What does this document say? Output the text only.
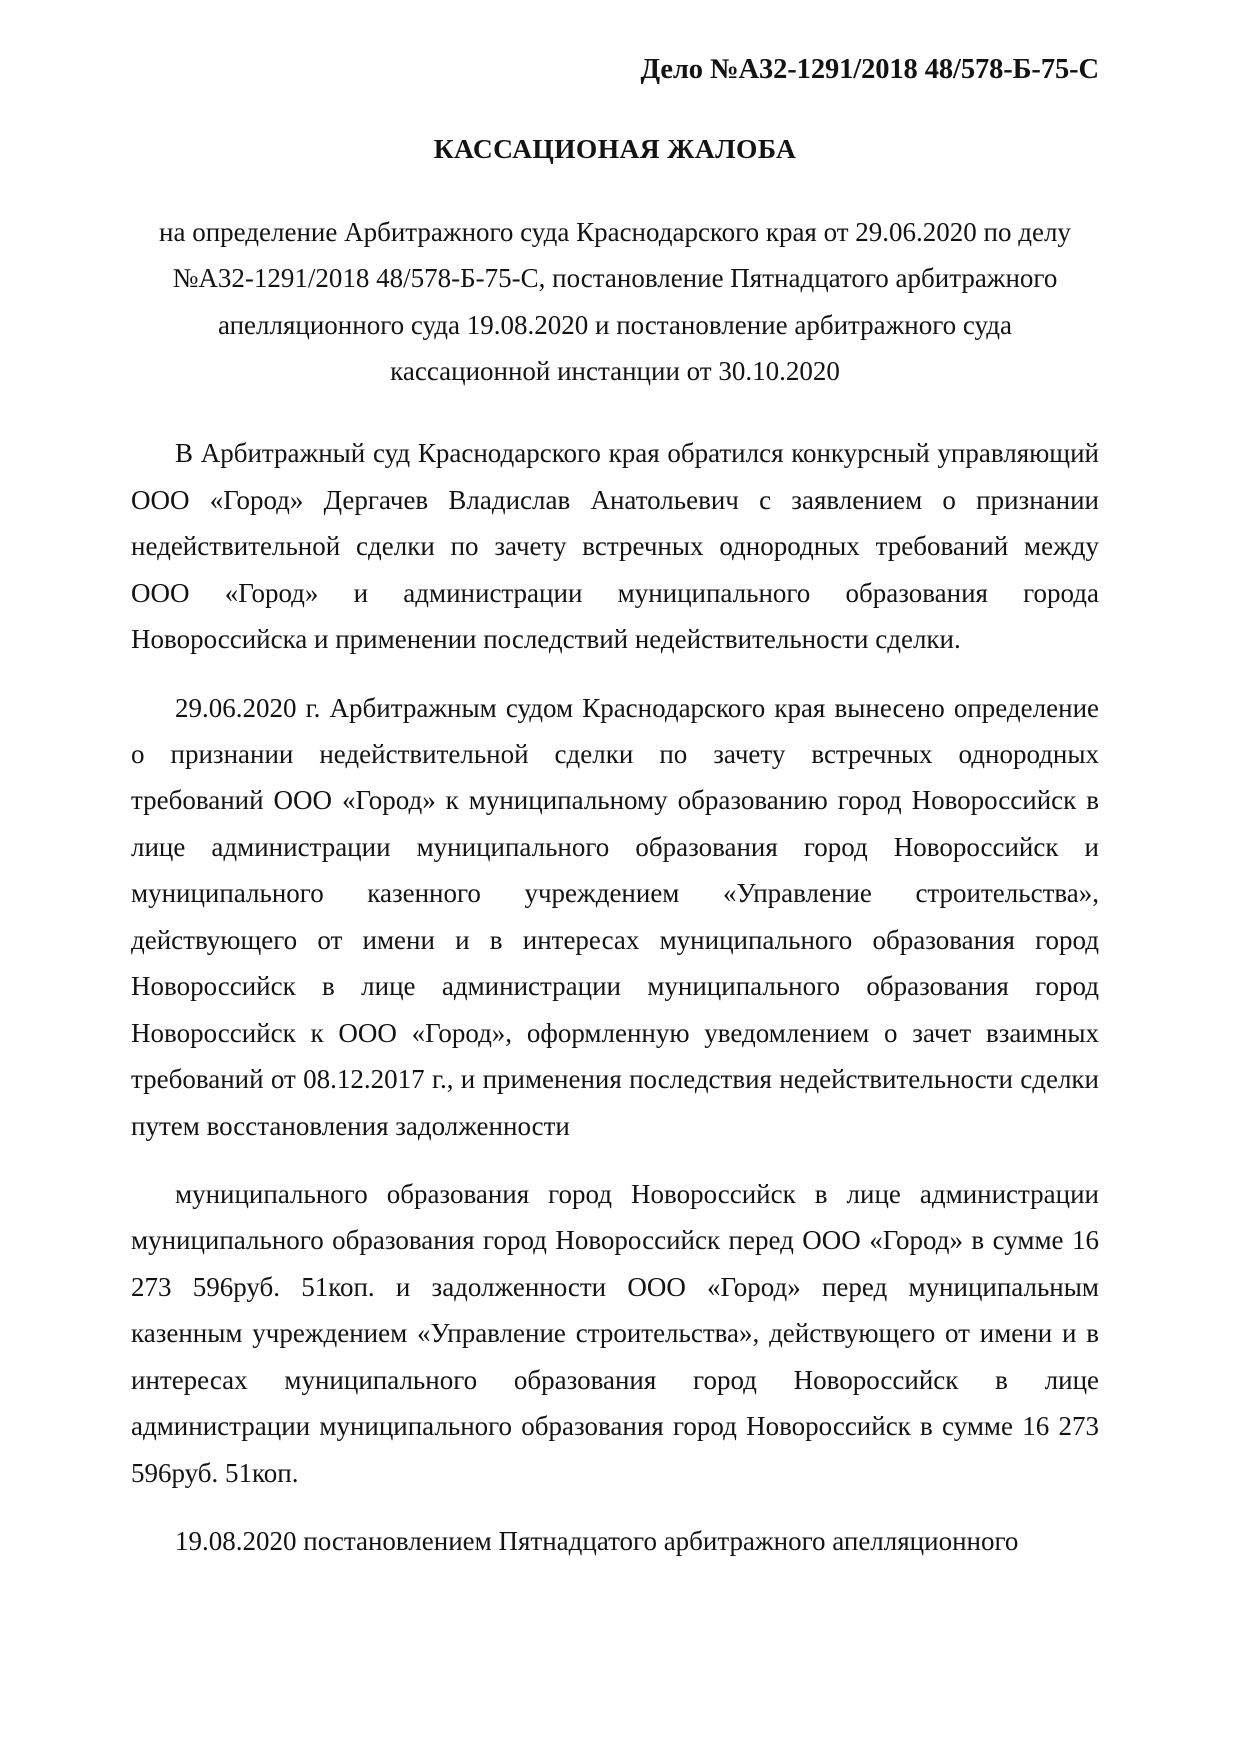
Дело №А32-1291/2018 48/578-Б-75-С
КАССАЦИОНАЯ ЖАЛОБА
на определение Арбитражного суда Краснодарского края от 29.06.2020 по делу
№А32-1291/2018 48/578-Б-75-С, постановление Пятнадцатого арбитражного
апелляционного суда 19.08.2020 и постановление арбитражного суда
кассационной инстанции от 30.10.2020

В Арбитражный суд Краснодарского края обратился конкурсный управляющий ООО «Город» Дергачев Владислав Анатольевич с заявлением о признании недействительной сделки по зачету встречных однородных требований между ООО «Город» и администрации муниципального образования города Новороссийска и применении последствий недействительности сделки.

29.06.2020 г. Арбитражным судом Краснодарского края вынесено определение о признании недействительной сделки по зачету встречных однородных требований ООО «Город» к муниципальному образованию город Новороссийск в лице администрации муниципального образования город Новороссийск и муниципального казенного учреждением «Управление строительства», действующего от имени и в интересах муниципального образования город Новороссийск в лице администрации муниципального образования город Новороссийск к ООО «Город», оформленную уведомлением о зачет взаимных требований от 08.12.2017 г., и применения последствия недействительности сделки путем восстановления задолженности

муниципального образования город Новороссийск в лице администрации муниципального образования город Новороссийск перед ООО «Город» в сумме 16 273 596руб. 51коп. и задолженности ООО «Город» перед муниципальным казенным учреждением «Управление строительства», действующего от имени и в интересах муниципального образования город Новороссийск в лице администрации муниципального образования город Новороссийск в сумме 16 273 596руб. 51коп.

19.08.2020 постановлением Пятнадцатого арбитражного апелляционного
